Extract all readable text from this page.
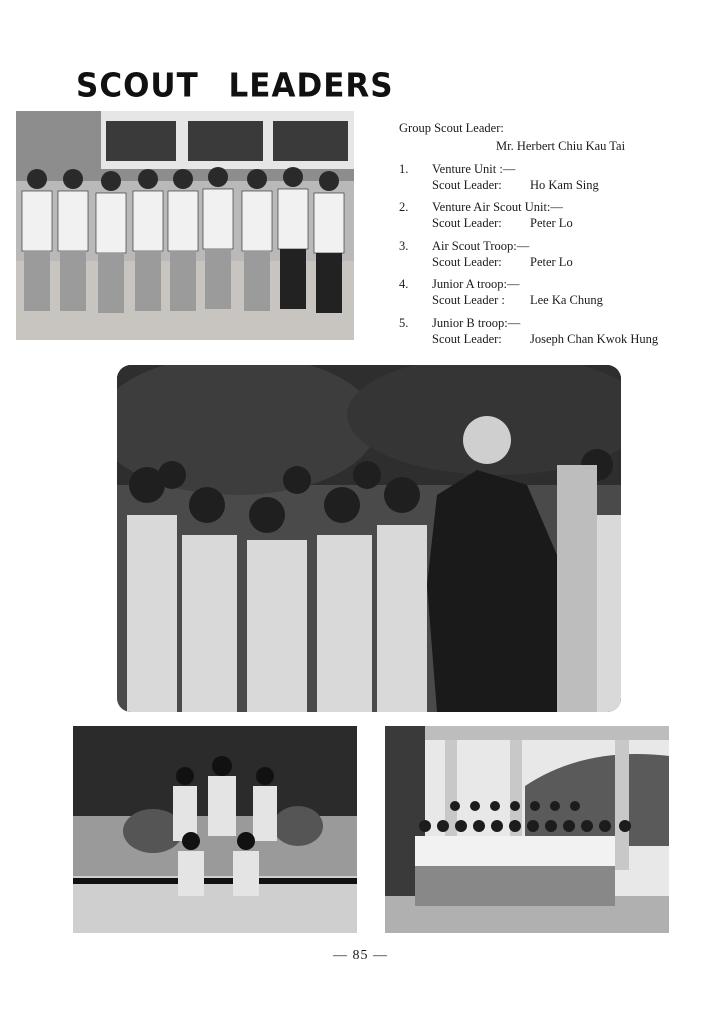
SCOUT LEADERS

Group Scout Leader:

Mr. Herbert Chiu Kau Tai

1. Venture Unit :—
Scout Leader: Ho Kam Sing
2. Venture Air Scout Unit:—
Scout Leader: Peter Lo
3. Air Scout Troop:—
Scout Leader: Peter Lo
4. Junior A troop:—
Scout Leader : Lee Ka Chung
5. Junior B troop:—
Scout Leader: Joseph Chan Kwok Hung
— 85 —
